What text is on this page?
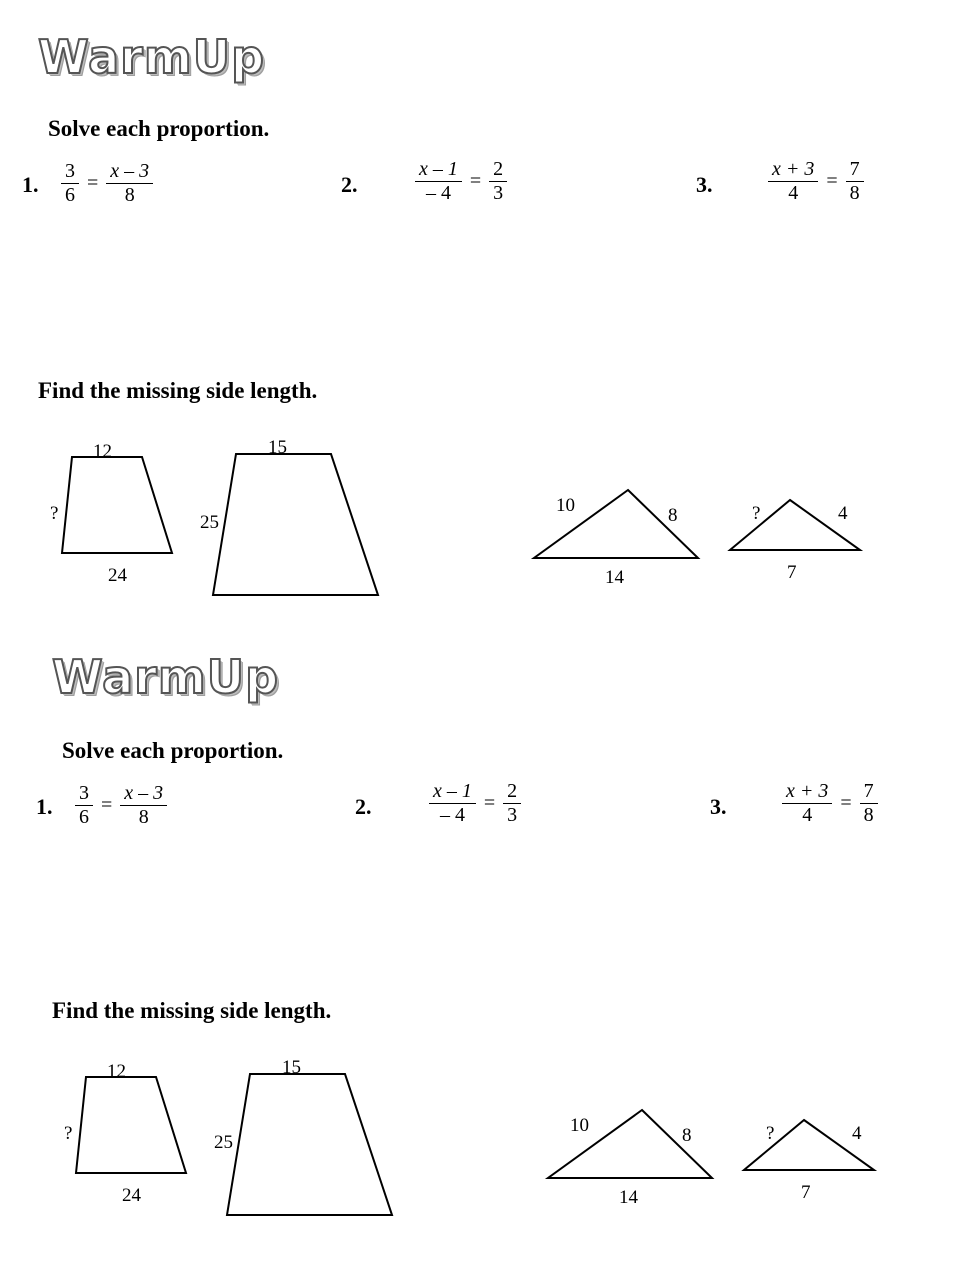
WarmUp
Solve each proportion.
1. $\frac{3}{6} = \frac{x - 3}{8}$	2.	$\frac{x - 1}{- 4} = \frac{2}{3}$	3.	$\frac{x + 3}{4} = \frac{7}{8}$
Find the missing side length.
12
?
24
15
25
10	8
14
?	4
7
WarmUp
Solve each proportion.
1. $\frac{3}{6} = \frac{x - 3}{8}$	2.	$\frac{x - 1}{- 4} = \frac{2}{3}$	3.	$\frac{x + 3}{4} = \frac{7}{8}$
Find the missing side length.
12
?
24
15
25
10	8
14
?	4
7
